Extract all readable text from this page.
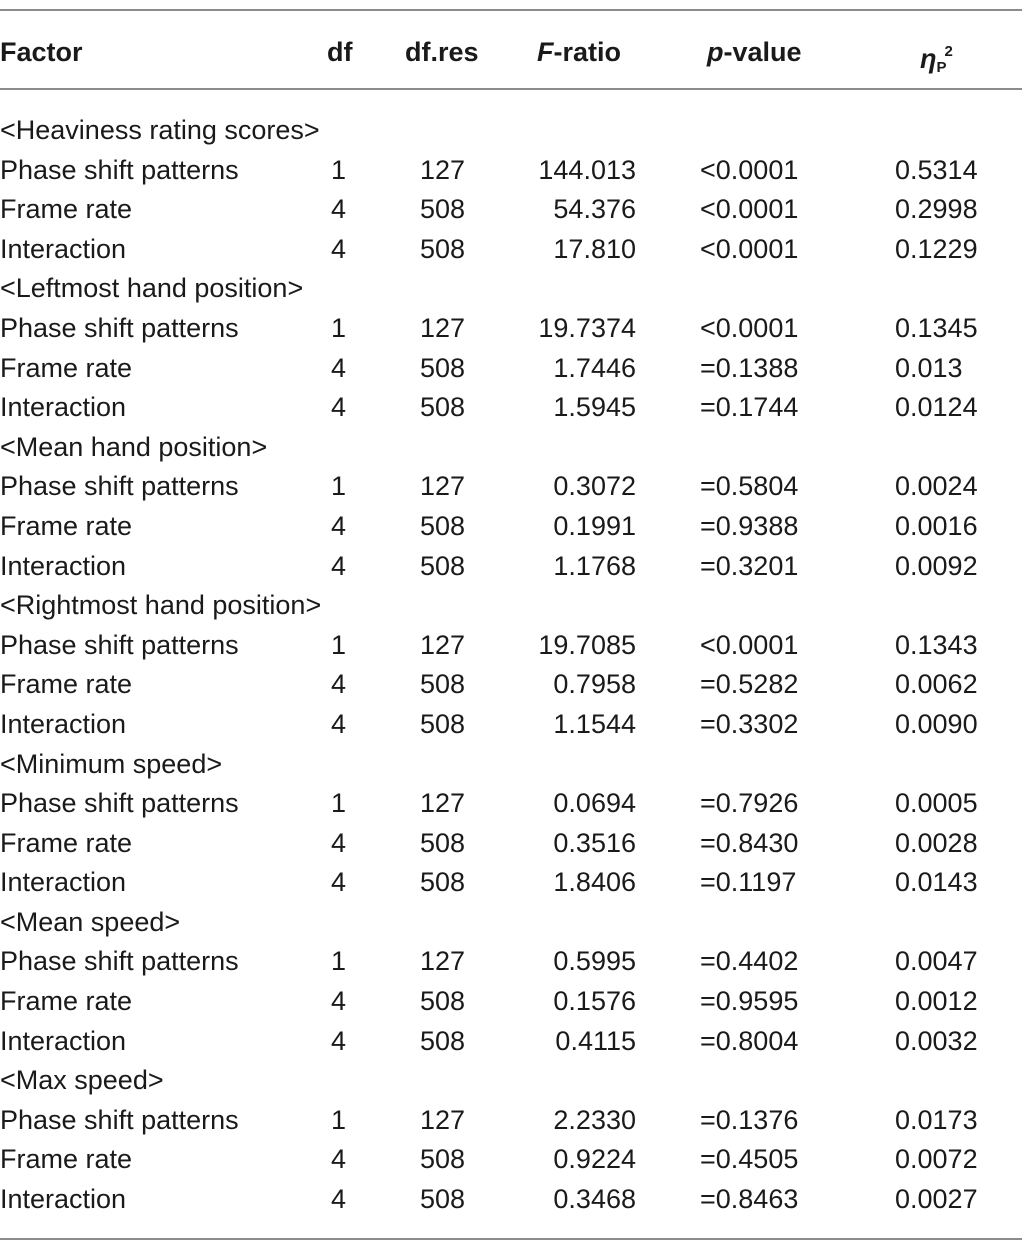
Factor	df df.res F-ratio	p-value	$\eta_P^2$
<Heaviness rating scores>
Phase shift patterns	1	127	144.013 <0.0001	0.5314
Frame rate	4	508	54.376 <0.0001	0.2998
Interaction	4	508	17.810 <0.0001	0.1229
<Leftmost hand position>
Phase shift patterns	1	127	19.7374 <0.0001	0.1345
Frame rate	4	508	1.7446 =0.1388	0.013
Interaction	4	508	1.5945 =0.1744	0.0124
<Mean hand position>
Phase shift patterns	1	127	0.3072 =0.5804	0.0024
Frame rate	4	508	0.1991 =0.9388	0.0016
Interaction	4	508	1.1768 =0.3201	0.0092
<Rightmost hand position>
Phase shift patterns	1	127	19.7085 <0.0001	0.1343
Frame rate	4	508	0.7958 =0.5282	0.0062
Interaction	4	508	1.1544 =0.3302	0.0090
<Minimum speed>
Phase shift patterns	1	127	0.0694 =0.7926	0.0005
Frame rate	4	508	0.3516 =0.8430	0.0028
Interaction	4	508	1.8406 =0.1197	0.0143
<Mean speed>
Phase shift patterns	1	127	0.5995 =0.4402	0.0047
Frame rate	4	508	0.1576 =0.9595	0.0012
Interaction	4	508	0.4115 =0.8004	0.0032
<Max speed>
Phase shift patterns	1	127	2.2330 =0.1376	0.0173
Frame rate	4	508	0.9224 =0.4505	0.0072
Interaction	4	508	0.3468 =0.8463	0.0027
